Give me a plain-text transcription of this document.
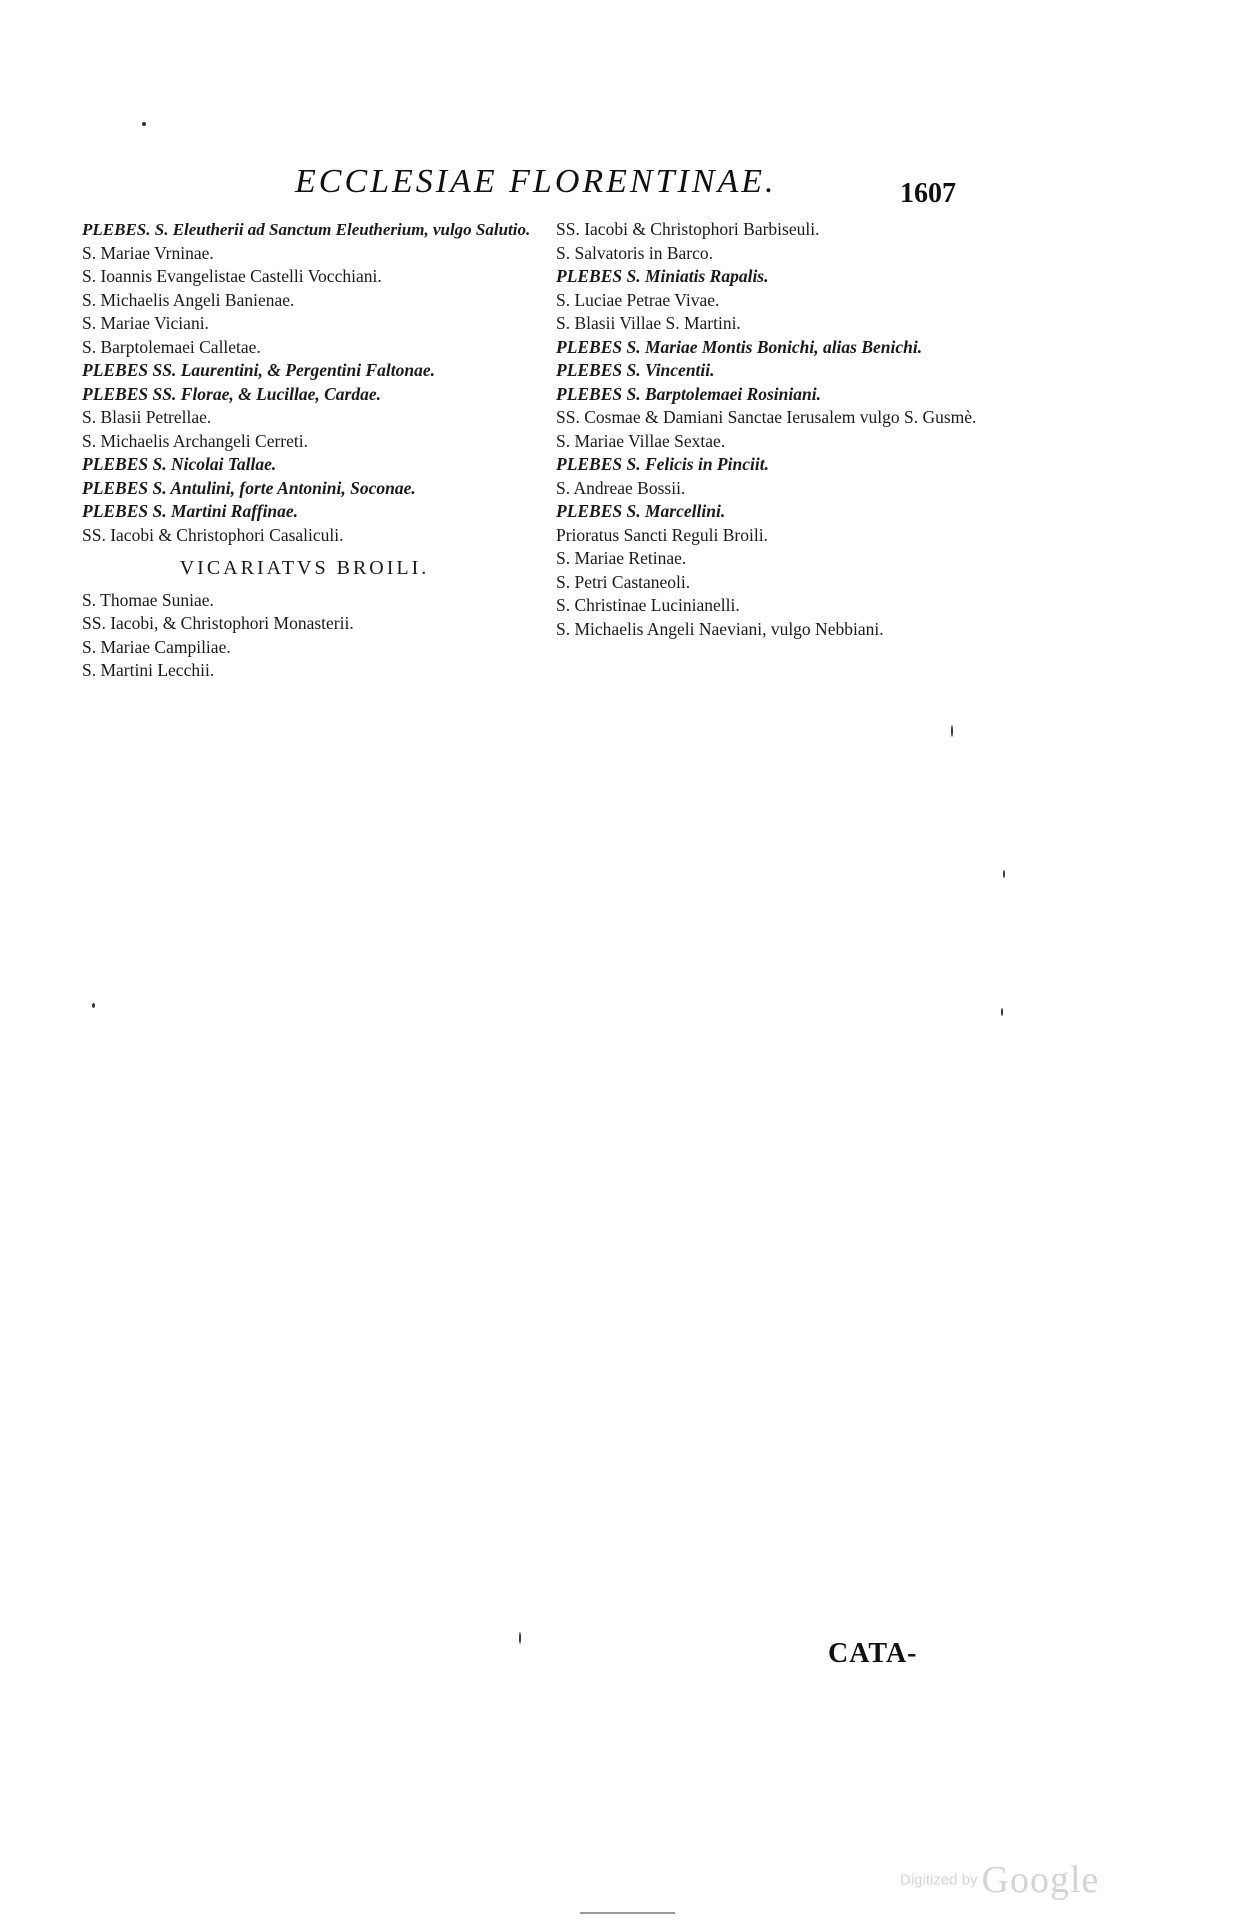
ECCLESIAE FLORENTINAE.	1607
PLEBES. S. Eleutherii ad Sanctum Eleutherium, vulgo Salutio.
S. Mariae Vrninae.
S. Ioannis Evangelistae Castelli Vocchiani.
S. Michaelis Angeli Banienae.
S. Mariae Viciani.
S. Barptolemaei Calletae.
PLEBES SS. Laurentini, & Pergentini Faltonae.
PLEBES SS. Florae, & Lucillae, Cardae.
S. Blasii Petrellae.
S. Michaelis Archangeli Cerreti.
PLEBES S. Nicolai Tallae.
PLEBES S. Antulini, forte Antonini, Soconae.
PLEBES S. Martini Raffinae.
SS. Iacobi & Christophori Casaliculi.
VICARIATVS BROILI.
S. Thomae Suniae.
SS. Iacobi, & Christophori Monasterii.
S. Mariae Campiliae.
S. Martini Lecchii.
SS. Iacobi & Christophori Barbiseuli.
S. Salvatoris in Barco.
PLEBES S. Miniatis Rapalis.
S. Luciae Petrae Vivae.
S. Blasii Villae S. Martini.
PLEBES S. Mariae Montis Bonichi, alias Benichi.
PLEBES S. Vincentii.
PLEBES S. Barptolemaei Rosiniani.
SS. Cosmae & Damiani Sanctae Ierusalem vulgo S. Gusmè.
S. Mariae Villae Sextae.
PLEBES S. Felicis in Pinciit.
S. Andreae Bossii.
PLEBES S. Marcellini.
Prioratus Sancti Reguli Broili.
S. Mariae Retinae.
S. Petri Castaneoli.
S. Christinae Lucinianelli.
S. Michaelis Angeli Naeviani, vulgo Nebbiani.
CATA-
Digitized by Google
